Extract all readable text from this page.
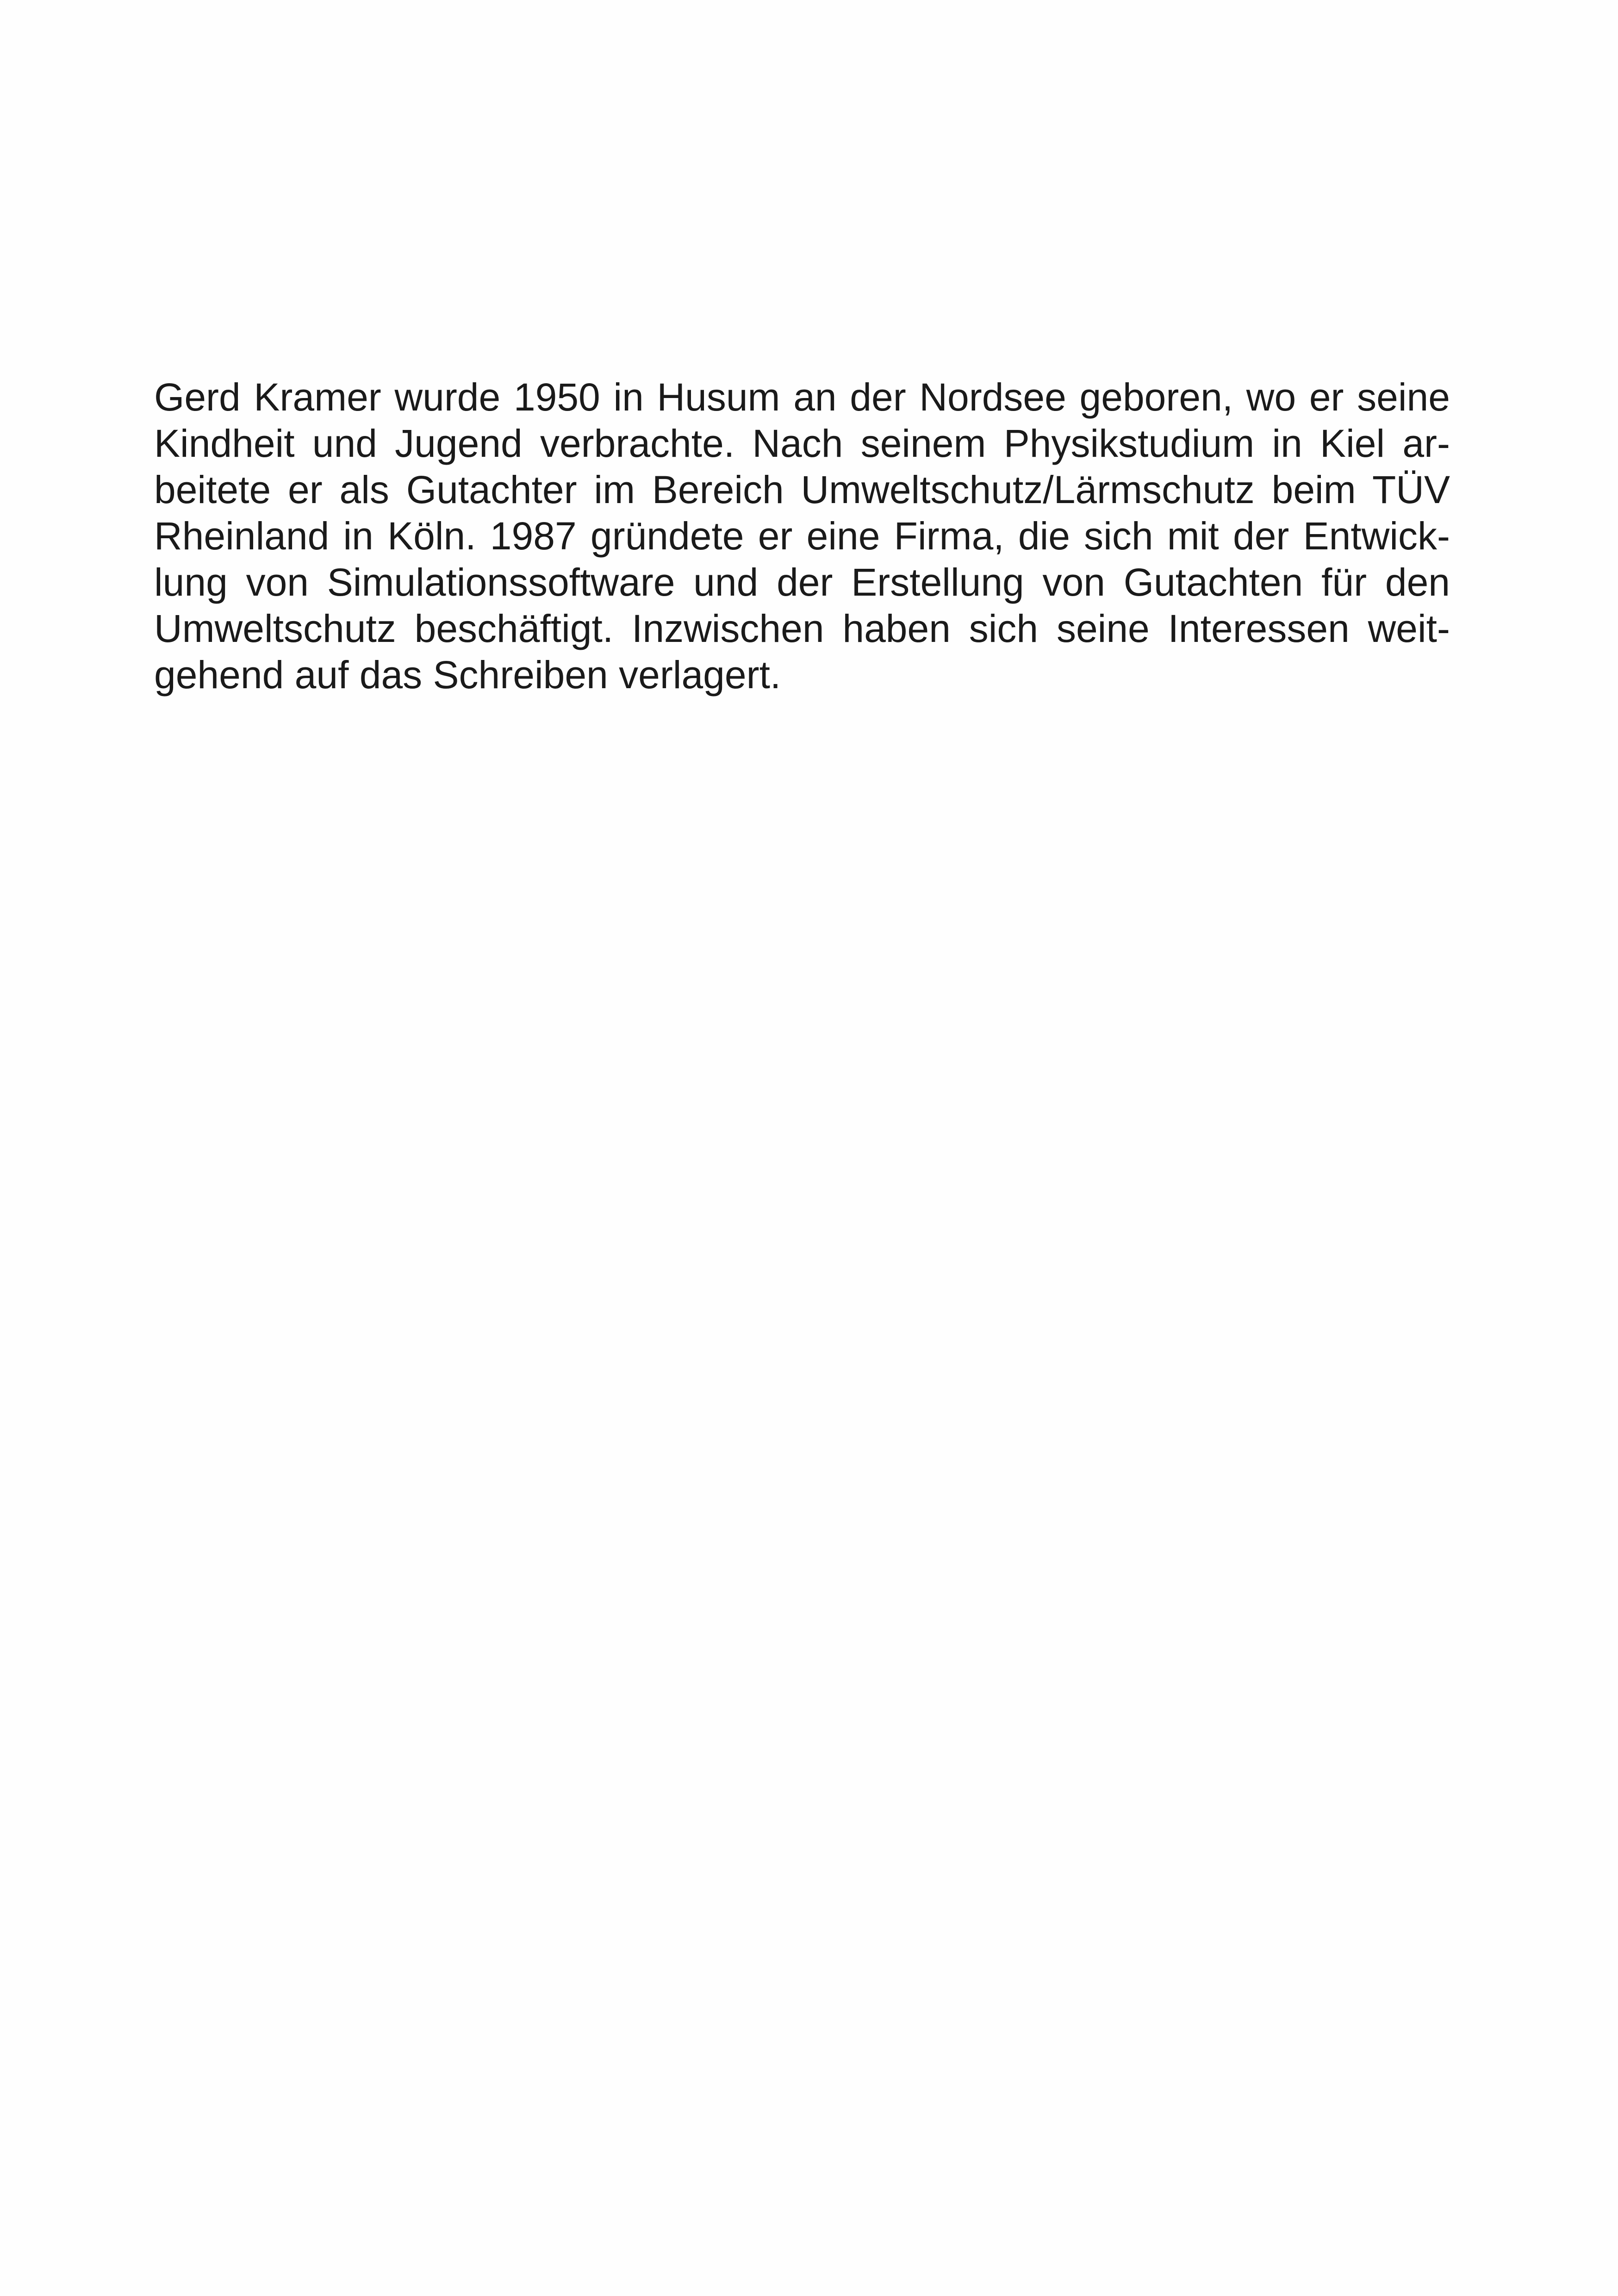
Gerd Kramer wurde 1950 in Husum an der Nordsee geboren, wo er seine
Kindheit und Jugend verbrachte. Nach seinem Physikstudium in Kiel ar-
beitete er als Gutachter im Bereich Umweltschutz/Lärmschutz beim TÜV
Rheinland in Köln. 1987 gründete er eine Firma, die sich mit der Entwick-
lung von Simulationssoftware und der Erstellung von Gutachten für den
Umweltschutz beschäftigt. Inzwischen haben sich seine Interessen weit-
gehend auf das Schreiben verlagert.
